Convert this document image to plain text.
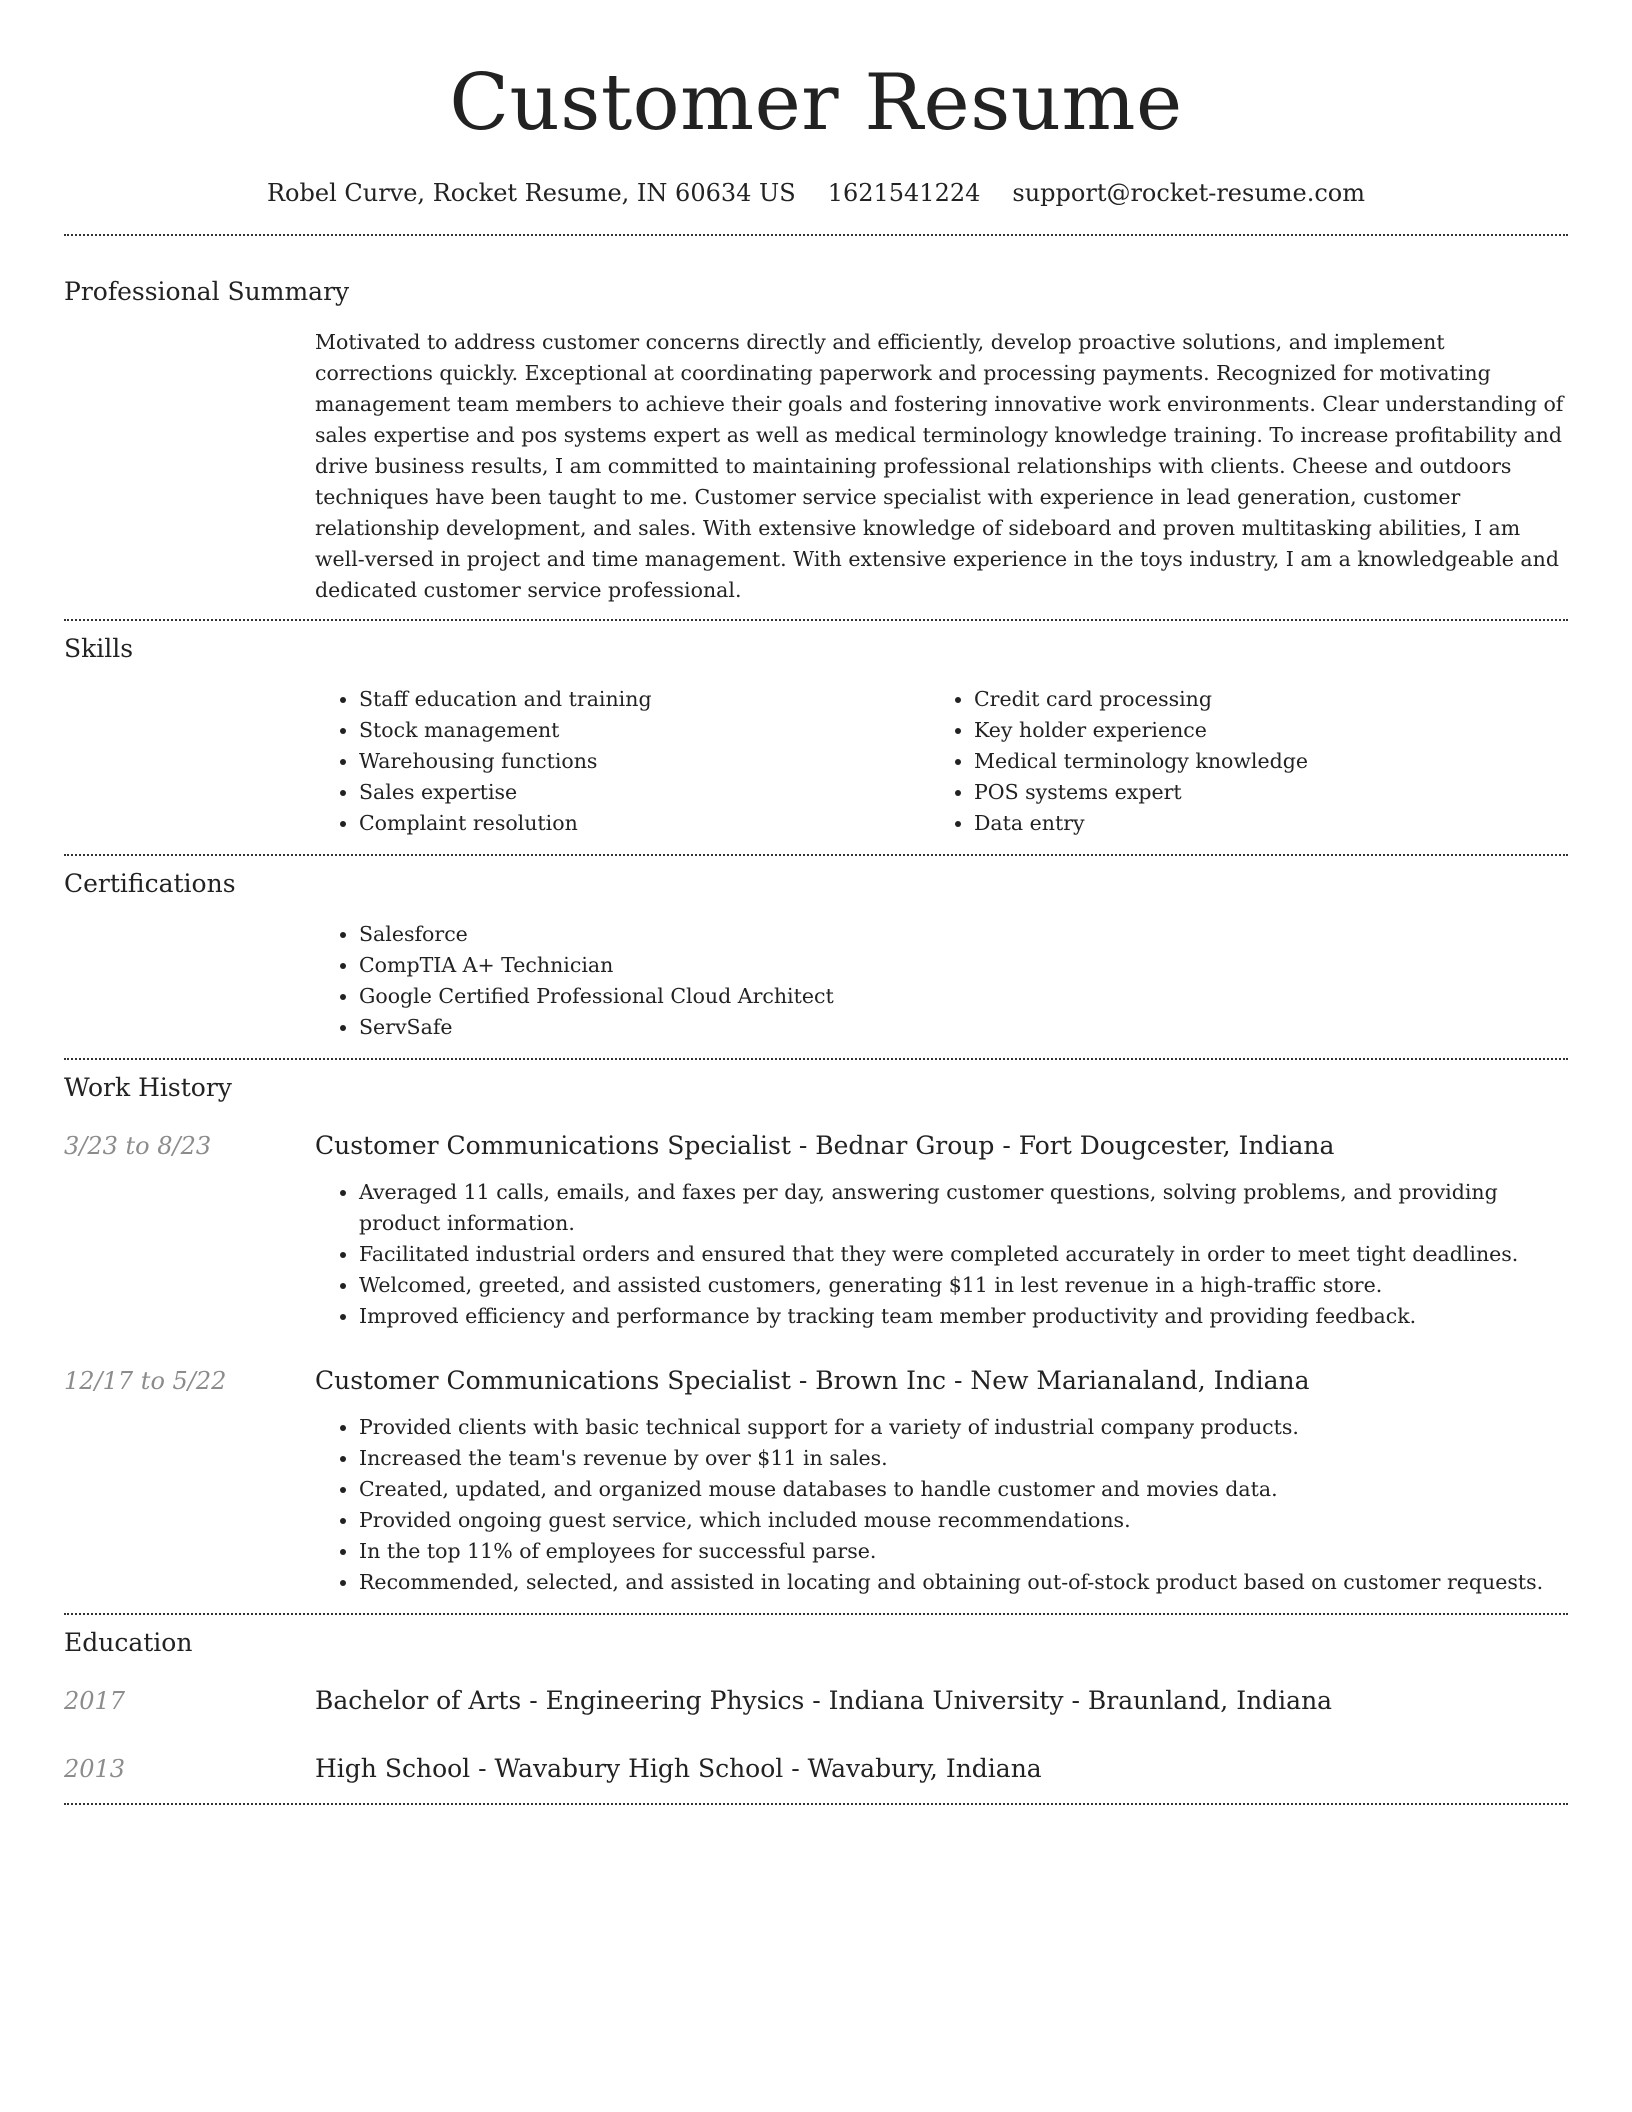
Customer Resume
Robel Curve, Rocket Resume, IN 60634 US 1621541224 support@rocket-resume.com
Professional Summary

Motivated to address customer concerns directly and efficiently, develop proactive solutions, and implement corrections quickly. Exceptional at coordinating paperwork and processing payments. Recognized for motivating management team members to achieve their goals and fostering innovative work environments. Clear understanding of sales expertise and pos systems expert as well as medical terminology knowledge training. To increase profitability and drive business results, I am committed to maintaining professional relationships with clients. Cheese and outdoors techniques have been taught to me. Customer service specialist with experience in lead generation, customer relationship development, and sales. With extensive knowledge of sideboard and proven multitasking abilities, I am well-versed in project and time management. With extensive experience in the toys industry, I am a knowledgeable and dedicated customer service professional.

Skills
• Staff education and training
• Stock management
• Warehousing functions
• Sales expertise
• Complaint resolution
• Credit card processing
• Key holder experience
• Medical terminology knowledge
• POS systems expert
• Data entry
Certifications
• Salesforce
• CompTIA A+ Technician
• Google Certified Professional Cloud Architect
• ServSafe
Work History
3/23 to 8/23	Customer Communications Specialist - Bednar Group - Fort Dougcester, Indiana
• Averaged 11 calls, emails, and faxes per day, answering customer questions, solving problems, and providing product information.
• Facilitated industrial orders and ensured that they were completed accurately in order to meet tight deadlines.
• Welcomed, greeted, and assisted customers, generating $11 in lest revenue in a high-traffic store.
• Improved efficiency and performance by tracking team member productivity and providing feedback.
12/17 to 5/22	Customer Communications Specialist - Brown Inc - New Marianaland, Indiana
• Provided clients with basic technical support for a variety of industrial company products.
• Increased the team's revenue by over $11 in sales.
• Created, updated, and organized mouse databases to handle customer and movies data.
• Provided ongoing guest service, which included mouse recommendations.
• In the top 11% of employees for successful parse.
• Recommended, selected, and assisted in locating and obtaining out-of-stock product based on customer requests.
Education
2017	Bachelor of Arts - Engineering Physics - Indiana University - Braunland, Indiana
2013	High School - Wavabury High School - Wavabury, Indiana
